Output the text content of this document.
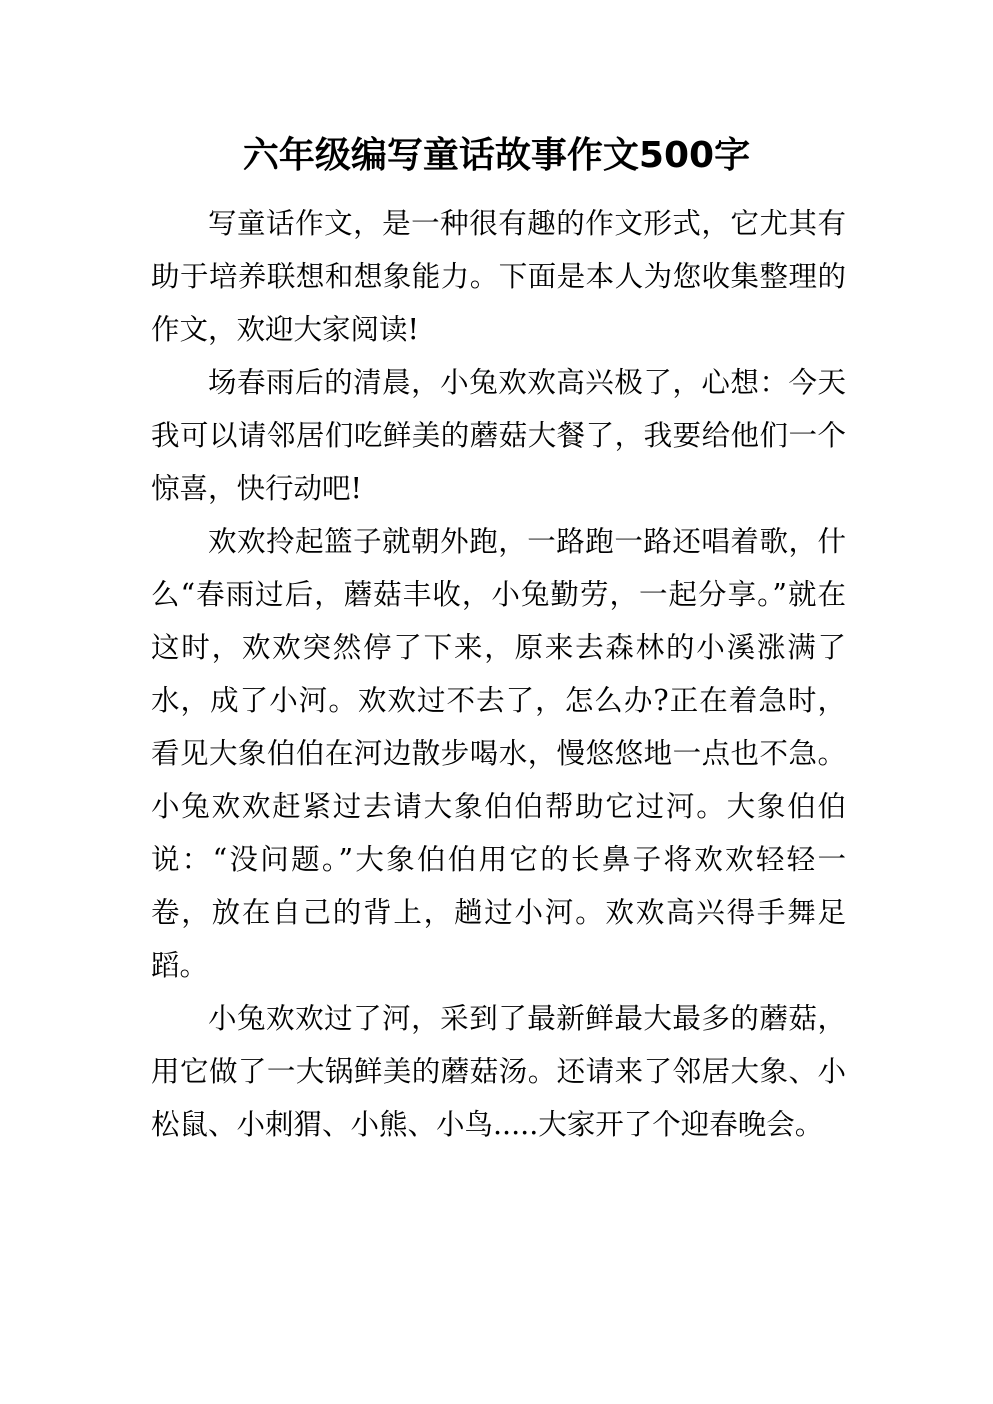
六年级编写童话故事作文500字

写童话作文，是一种很有趣的作文形式，它尤其有助于培养联想和想象能力。下面是本人为您收集整理的作文，欢迎大家阅读!

场春雨后的清晨，小兔欢欢高兴极了，心想：今天我可以请邻居们吃鲜美的蘑菇大餐了，我要给他们一个惊喜，快行动吧!

欢欢拎起篮子就朝外跑，一路跑一路还唱着歌，什么“春雨过后，蘑菇丰收，小兔勤劳，一起分享。”就在这时，欢欢突然停了下来，原来去森林的小溪涨满了水，成了小河。欢欢过不去了，怎么办?正在着急时，看见大象伯伯在河边散步喝水，慢悠悠地一点也不急。小兔欢欢赶紧过去请大象伯伯帮助它过河。大象伯伯说：“没问题。”大象伯伯用它的长鼻子将欢欢轻轻一卷，放在自己的背上，趟过小河。欢欢高兴得手舞足蹈。

小兔欢欢过了河，采到了最新鲜最大最多的蘑菇，用它做了一大锅鲜美的蘑菇汤。还请来了邻居大象、小松鼠、小刺猬、小熊、小鸟.....大家开了个迎春晚会。
